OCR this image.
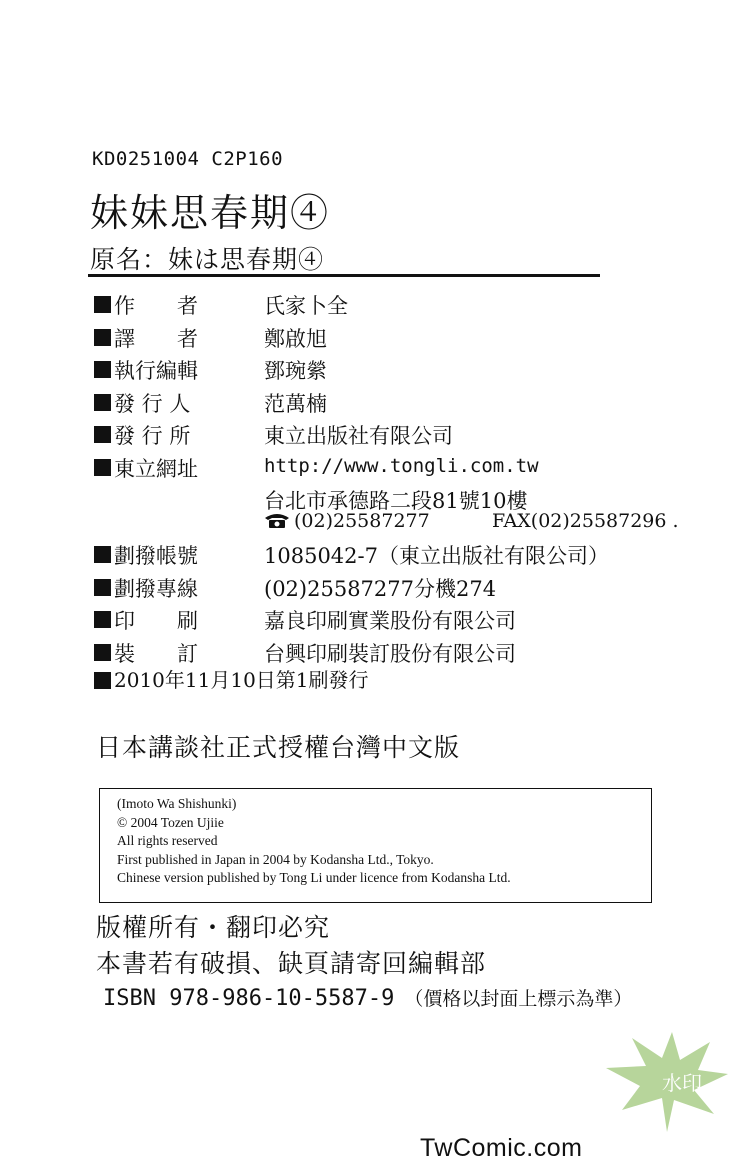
KD0251004 C2P160
妹妹思春期④
原名：妹は思春期④
作　　者	氏家卜全
譯　　者	鄭啟旭
執行編輯	鄧琬縈
發 行 人	范萬楠
發 行 所	東立出版社有限公司
東立網址	http://www.tongli.com.tw
台北市承德路二段81號10樓
(02)25587277	FAX(02)25587296 .
劃撥帳號	1085042-7（東立出版社有限公司）
劃撥專線	(02)25587277分機274
印　　刷	嘉良印刷實業股份有限公司
裝　　訂	台興印刷裝訂股份有限公司
2010年11月10日第1刷發行
日本講談社正式授權台灣中文版
(Imoto Wa Shishunki)
© 2004 Tozen Ujiie
All rights reserved
First published in Japan in 2004 by Kodansha Ltd., Tokyo.
Chinese version published by Tong Li under licence from Kodansha Ltd.
版權所有・翻印必究
本書若有破損、缺頁請寄回編輯部
ISBN 978-986-10-5587-9 （價格以封面上標示為準）
水印
TwComic.com
